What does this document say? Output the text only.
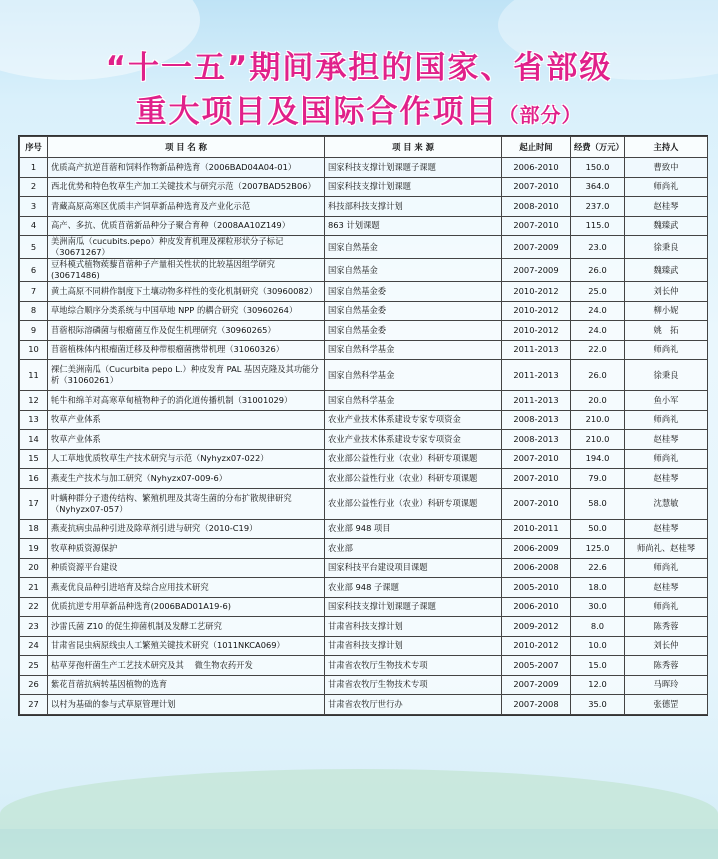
“十一五”期间承担的国家、省部级
重大项目及国际合作项目（部分）
序号	项 目 名 称	项 目 来 源	起止时间	经费（万元）	主持人
1	优质高产抗逆苜蓿和饲料作物新品种选育（2006BAD04A04-01）	国家科技支撑计划课题子课题	2006-2010	150.0	曹致中
2	西北优势和特色牧草生产加工关键技术与研究示范（2007BAD52B06）	国家科技支撑计划课题	2007-2010	364.0	师尚礼
3	青藏高原高寒区优质丰产饲草新品种选育及产业化示范	科技部科技支撑计划	2008-2010	237.0	赵桂琴
4	高产、多抗、优质苜蓿新品种分子聚合育种（2008AA10Z149）	863 计划课题	2007-2010	115.0	魏臻武
5	美洲南瓜（cucubits.pepo）种皮发育机理及裸粒形状分子标记（30671267）	国家自然基金	2007-2009	23.0	徐秉良
6	豆科模式植物蒺藜苜蓿种子产量相关性状的比较基因组学研究(30671486)	国家自然基金	2007-2009	26.0	魏臻武
7	黄土高原不同耕作制度下土壤动物多样性的变化机制研究（30960082）	国家自然基金委	2010-2012	25.0	刘长仲
8	草地综合顺序分类系统与中国草地 NPP 的耦合研究（30960264）	国家自然基金委	2010-2012	24.0	柳小妮
9	苜蓿根际溶磷菌与根瘤菌互作及促生机理研究（30960265）	国家自然基金委	2010-2012	24.0	姚　拓
10	苜蓿植株体内根瘤菌迁移及种带根瘤菌携带机理（31060326）	国家自然科学基金	2011-2013	22.0	师尚礼
11	裸仁美洲南瓜（Cucurbita pepo L.）种皮发育 PAL 基因克隆及其功能分析（31060261）	国家自然科学基金	2011-2013	26.0	徐秉良
12	牦牛和绵羊对高寒草甸植物种子的消化道传播机制（31001029）	国家自然科学基金	2011-2013	20.0	鱼小军
13	牧草产业体系	农业产业技术体系建设专家专项资金	2008-2013	210.0	师尚礼
14	牧草产业体系	农业产业技术体系建设专家专项资金	2008-2013	210.0	赵桂琴
15	人工草地优质牧草生产技术研究与示范（Nyhyzx07-022）	农业部公益性行业（农业）科研专项课题	2007-2010	194.0	师尚礼
16	燕麦生产技术与加工研究（Nyhyzx07-009-6）	农业部公益性行业（农业）科研专项课题	2007-2010	79.0	赵桂琴
17	叶螨种群分子遗传结构、繁殖机理及其寄生菌的分布扩散规律研究（Nyhyzx07-057）	农业部公益性行业（农业）科研专项课题	2007-2010	58.0	沈慧敏
18	燕麦抗病虫品种引进及除草剂引进与研究（2010-C19）	农业部 948 项目	2010-2011	50.0	赵桂琴
19	牧草种质资源保护	农业部	2006-2009	125.0	师尚礼、赵桂琴
20	种质资源平台建设	国家科技平台建设项目课题	2006-2008	22.6	师尚礼
21	燕麦优良品种引进培育及综合应用技术研究	农业部 948 子课题	2005-2010	18.0	赵桂琴
22	优质抗逆专用草新品种选育(2006BAD01A19-6)	国家科技支撑计划课题子课题	2006-2010	30.0	师尚礼
23	沙雷氏菌 Z10 的促生抑菌机制及发酵工艺研究	甘肃省科技支撑计划	2009-2012	8.0	陈秀蓉
24	甘肃省昆虫病原线虫人工繁殖关键技术研究（1011NKCA069）	甘肃省科技支撑计划	2010-2012	10.0	刘长仲
25	枯草芽孢杆菌生产工艺技术研究及其　 微生物农药开发	甘肃省农牧厅生物技术专项	2005-2007	15.0	陈秀蓉
26	紫花苜蓿抗病转基因植物的选育	甘肃省农牧厅生物技术专项	2007-2009	12.0	马晖玲
27	以村为基础的参与式草原管理计划	甘肃省农牧厅世行办	2007-2008	35.0	张德罡
